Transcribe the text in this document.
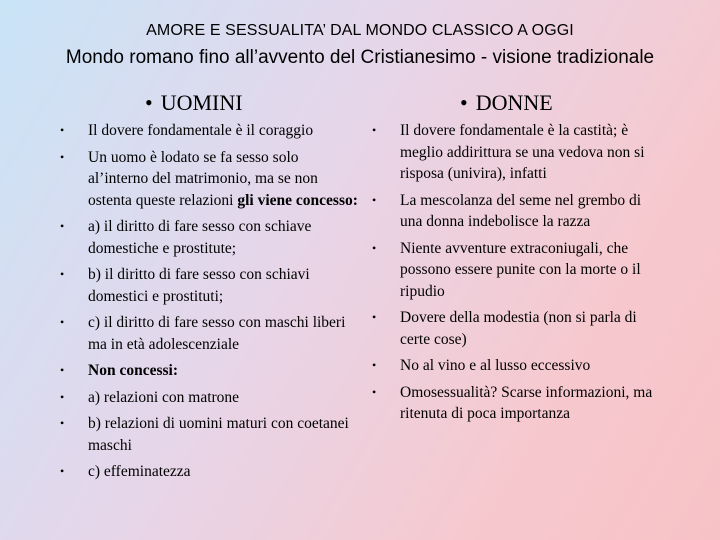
AMORE E SESSUALITA’ DAL MONDO CLASSICO A OGGI
Mondo romano fino all’avvento del Cristianesimo - visione tradizionale
• UOMINI	• DONNE
• Il dovere fondamentale è il coraggio
• Un uomo è lodato se fa sesso solo al’interno del matrimonio, ma se non ostenta queste relazioni gli viene concesso:
• a) il diritto di fare sesso con schiave domestiche e prostitute;
• b) il diritto di fare sesso con schiavi domestici e prostituti;
• c) il diritto di fare sesso con maschi liberi ma in età adolescenziale
• Non concessi:
• a) relazioni con matrone
• b) relazioni di uomini maturi con coetanei maschi
• c) effeminatezza
• Il dovere fondamentale è la castità; è meglio addirittura se una vedova non si risposa (univira), infatti
• La mescolanza del seme nel grembo di una donna indebolisce la razza
• Niente avventure extraconiugali, che possono essere punite con la morte o il ripudio
• Dovere della modestia (non si parla di certe cose)
• No al vino e al lusso eccessivo
• Omosessualità? Scarse informazioni, ma ritenuta di poca importanza
